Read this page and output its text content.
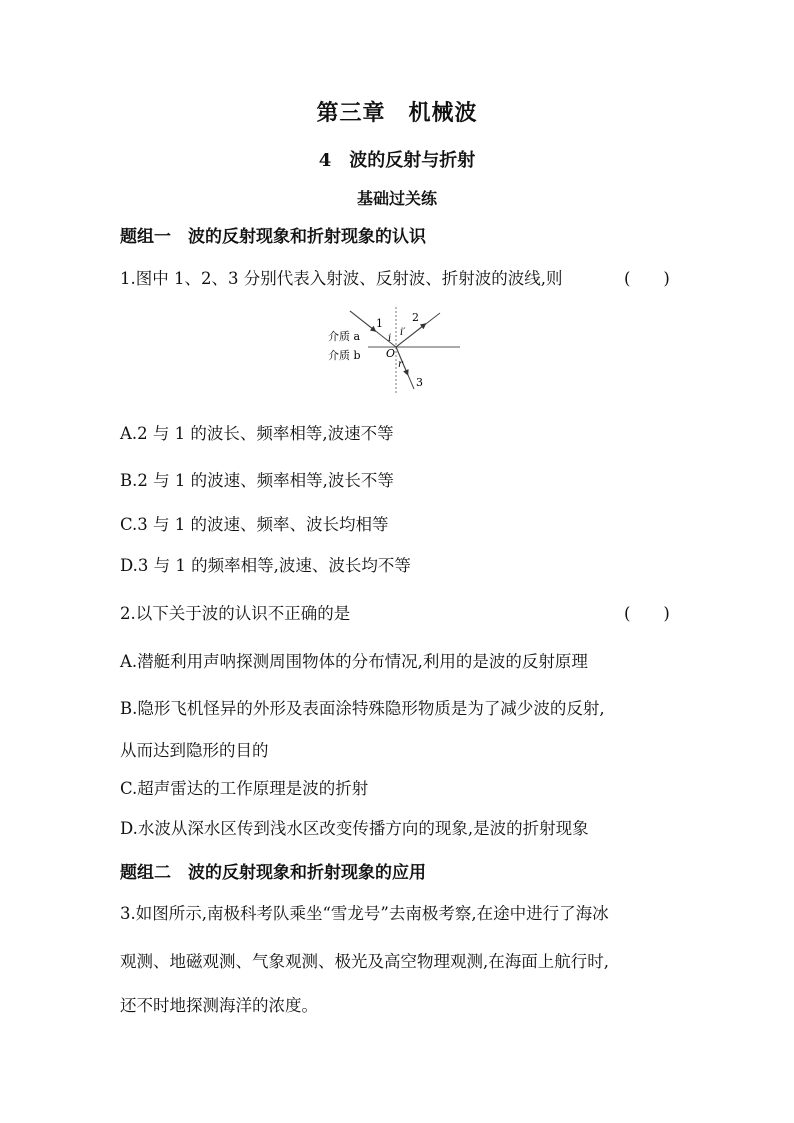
第三章　机械波
4　波的反射与折射
基础过关练
题组一　波的反射现象和折射现象的认识
1.图中 1、2、3 分别代表入射波、反射波、折射波的波线,则	(　　)
介质 a
介质 b
1	2
3
O
i
i′
r
A.2 与 1 的波长、频率相等,波速不等
B.2 与 1 的波速、频率相等,波长不等
C.3 与 1 的波速、频率、波长均相等
D.3 与 1 的频率相等,波速、波长均不等
2.以下关于波的认识不正确的是	(　　)
A.潜艇利用声呐探测周围物体的分布情况,利用的是波的反射原理
B.隐形飞机怪异的外形及表面涂特殊隐形物质是为了减少波的反射,
从而达到隐形的目的
C.超声雷达的工作原理是波的折射
D.水波从深水区传到浅水区改变传播方向的现象,是波的折射现象
题组二　波的反射现象和折射现象的应用
3.如图所示,南极科考队乘坐“雪龙号”去南极考察,在途中进行了海冰
观测、地磁观测、气象观测、极光及高空物理观测,在海面上航行时,
还不时地探测海洋的浓度。
